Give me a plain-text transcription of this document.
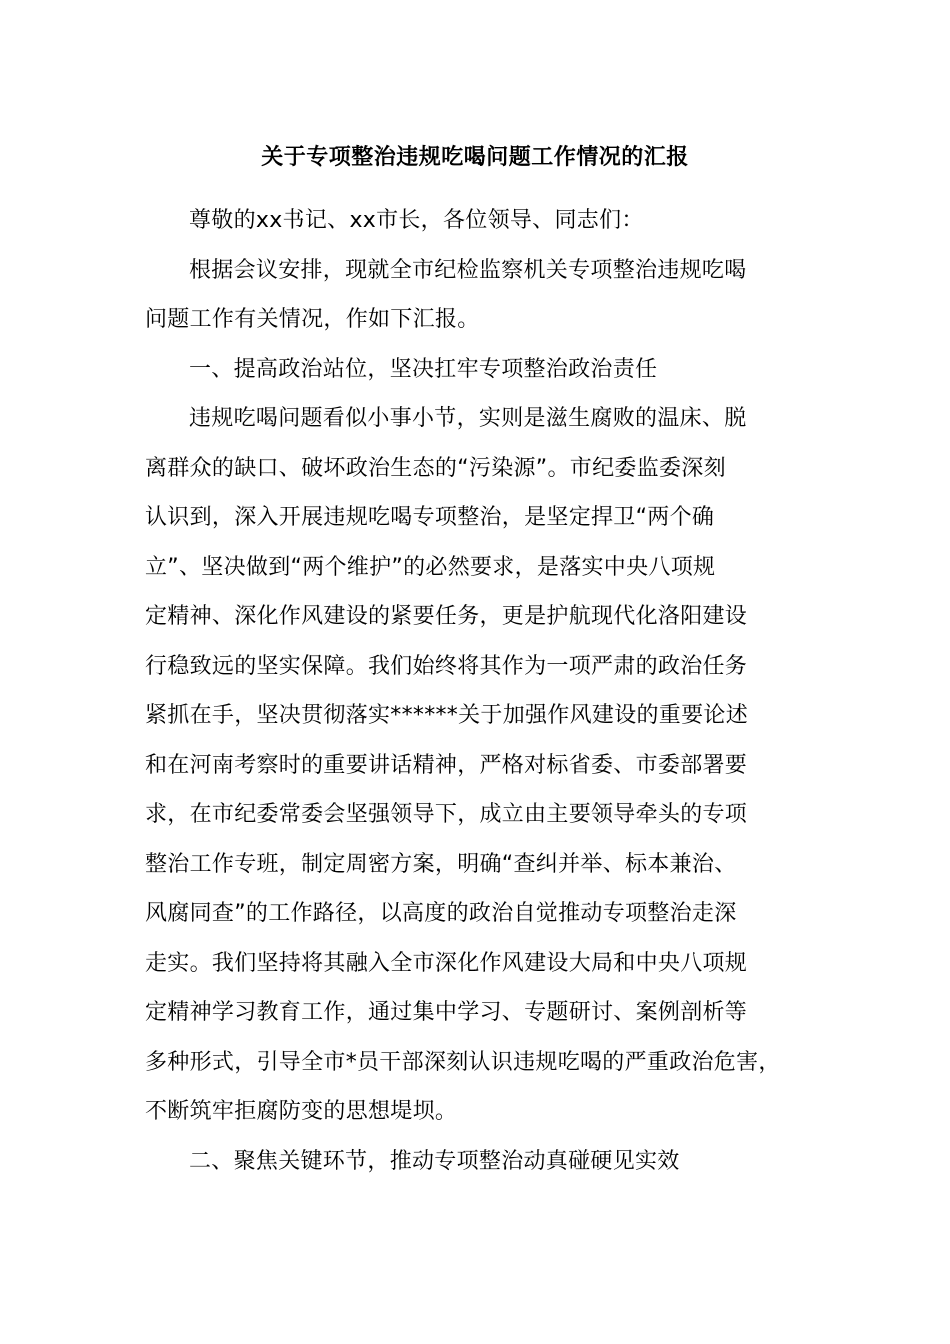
关于专项整治违规吃喝问题工作情况的汇报
尊敬的xx书记、xx市长，各位领导、同志们：
根据会议安排，现就全市纪检监察机关专项整治违规吃喝
问题工作有关情况，作如下汇报。
一、提高政治站位，坚决扛牢专项整治政治责任
违规吃喝问题看似小事小节，实则是滋生腐败的温床、脱
离群众的缺口、破坏政治生态的“污染源”。市纪委监委深刻
认识到，深入开展违规吃喝专项整治，是坚定捍卫“两个确
立”、坚决做到“两个维护”的必然要求，是落实中央八项规
定精神、深化作风建设的紧要任务，更是护航现代化洛阳建设
行稳致远的坚实保障。我们始终将其作为一项严肃的政治任务
紧抓在手，坚决贯彻落实******关于加强作风建设的重要论述
和在河南考察时的重要讲话精神，严格对标省委、市委部署要
求，在市纪委常委会坚强领导下，成立由主要领导牵头的专项
整治工作专班，制定周密方案，明确“查纠并举、标本兼治、
风腐同查”的工作路径，以高度的政治自觉推动专项整治走深
走实。我们坚持将其融入全市深化作风建设大局和中央八项规
定精神学习教育工作，通过集中学习、专题研讨、案例剖析等
多种形式，引导全市*员干部深刻认识违规吃喝的严重政治危害，
不断筑牢拒腐防变的思想堤坝。
二、聚焦关键环节，推动专项整治动真碰硬见实效
